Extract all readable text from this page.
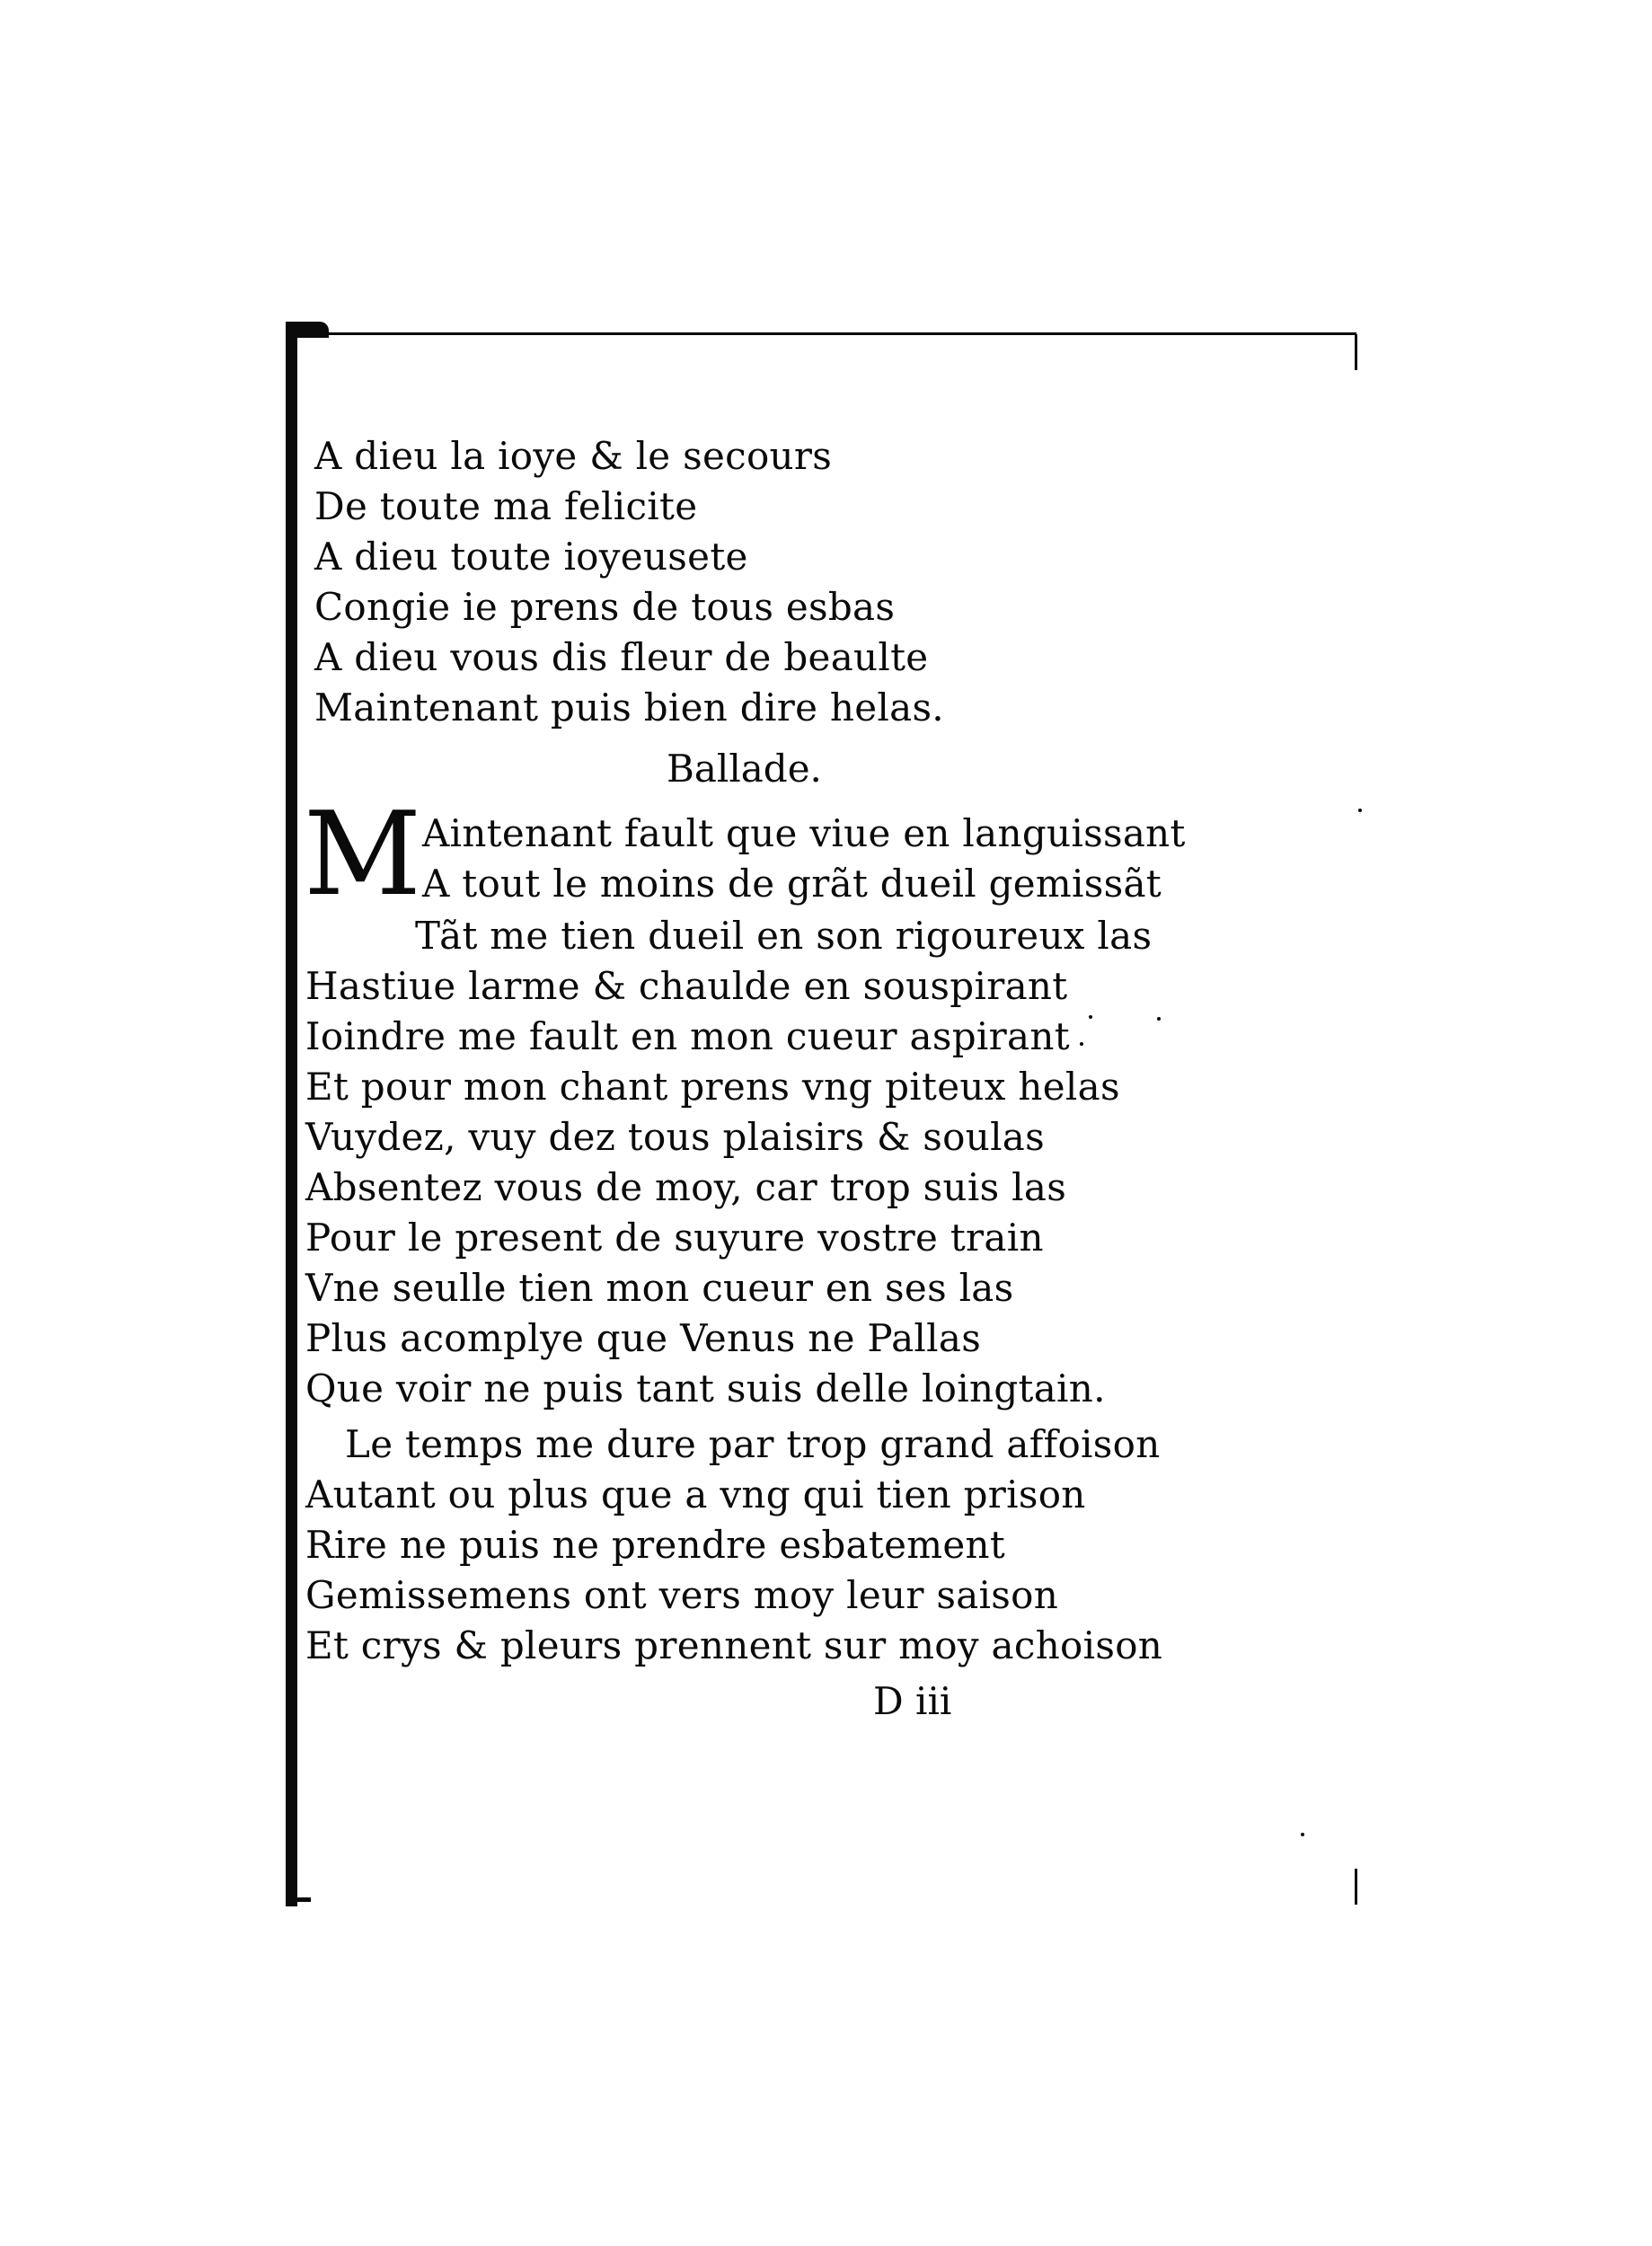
A dieu la ioye & le secours
De toute ma felicite
A dieu toute ioyeusete
Congie ie prens de tous esbas
A dieu vous dis fleur de beaulte
Maintenant puis bien dire helas.
Ballade.
M Aintenant fault que viue en languissant
A tout le moins de grãt dueil gemissãt
Tãt me tien dueil en son rigoureux las
Hastiue larme & chaulde en souspirant
Ioindre me fault en mon cueur aspirant
Et pour mon chant prens vng piteux helas
Vuydez, vuy dez tous plaisirs & soulas
Absentez vous de moy, car trop suis las
Pour le present de suyure vostre train
Vne seulle tien mon cueur en ses las
Plus acomplye que Venus ne Pallas
Que voir ne puis tant suis delle loingtain.
Le temps me dure par trop grand affoison
Autant ou plus que a vng qui tien prison
Rire ne puis ne prendre esbatement
Gemissemens ont vers moy leur saison
Et crys & pleurs prennent sur moy achoison
D iii
